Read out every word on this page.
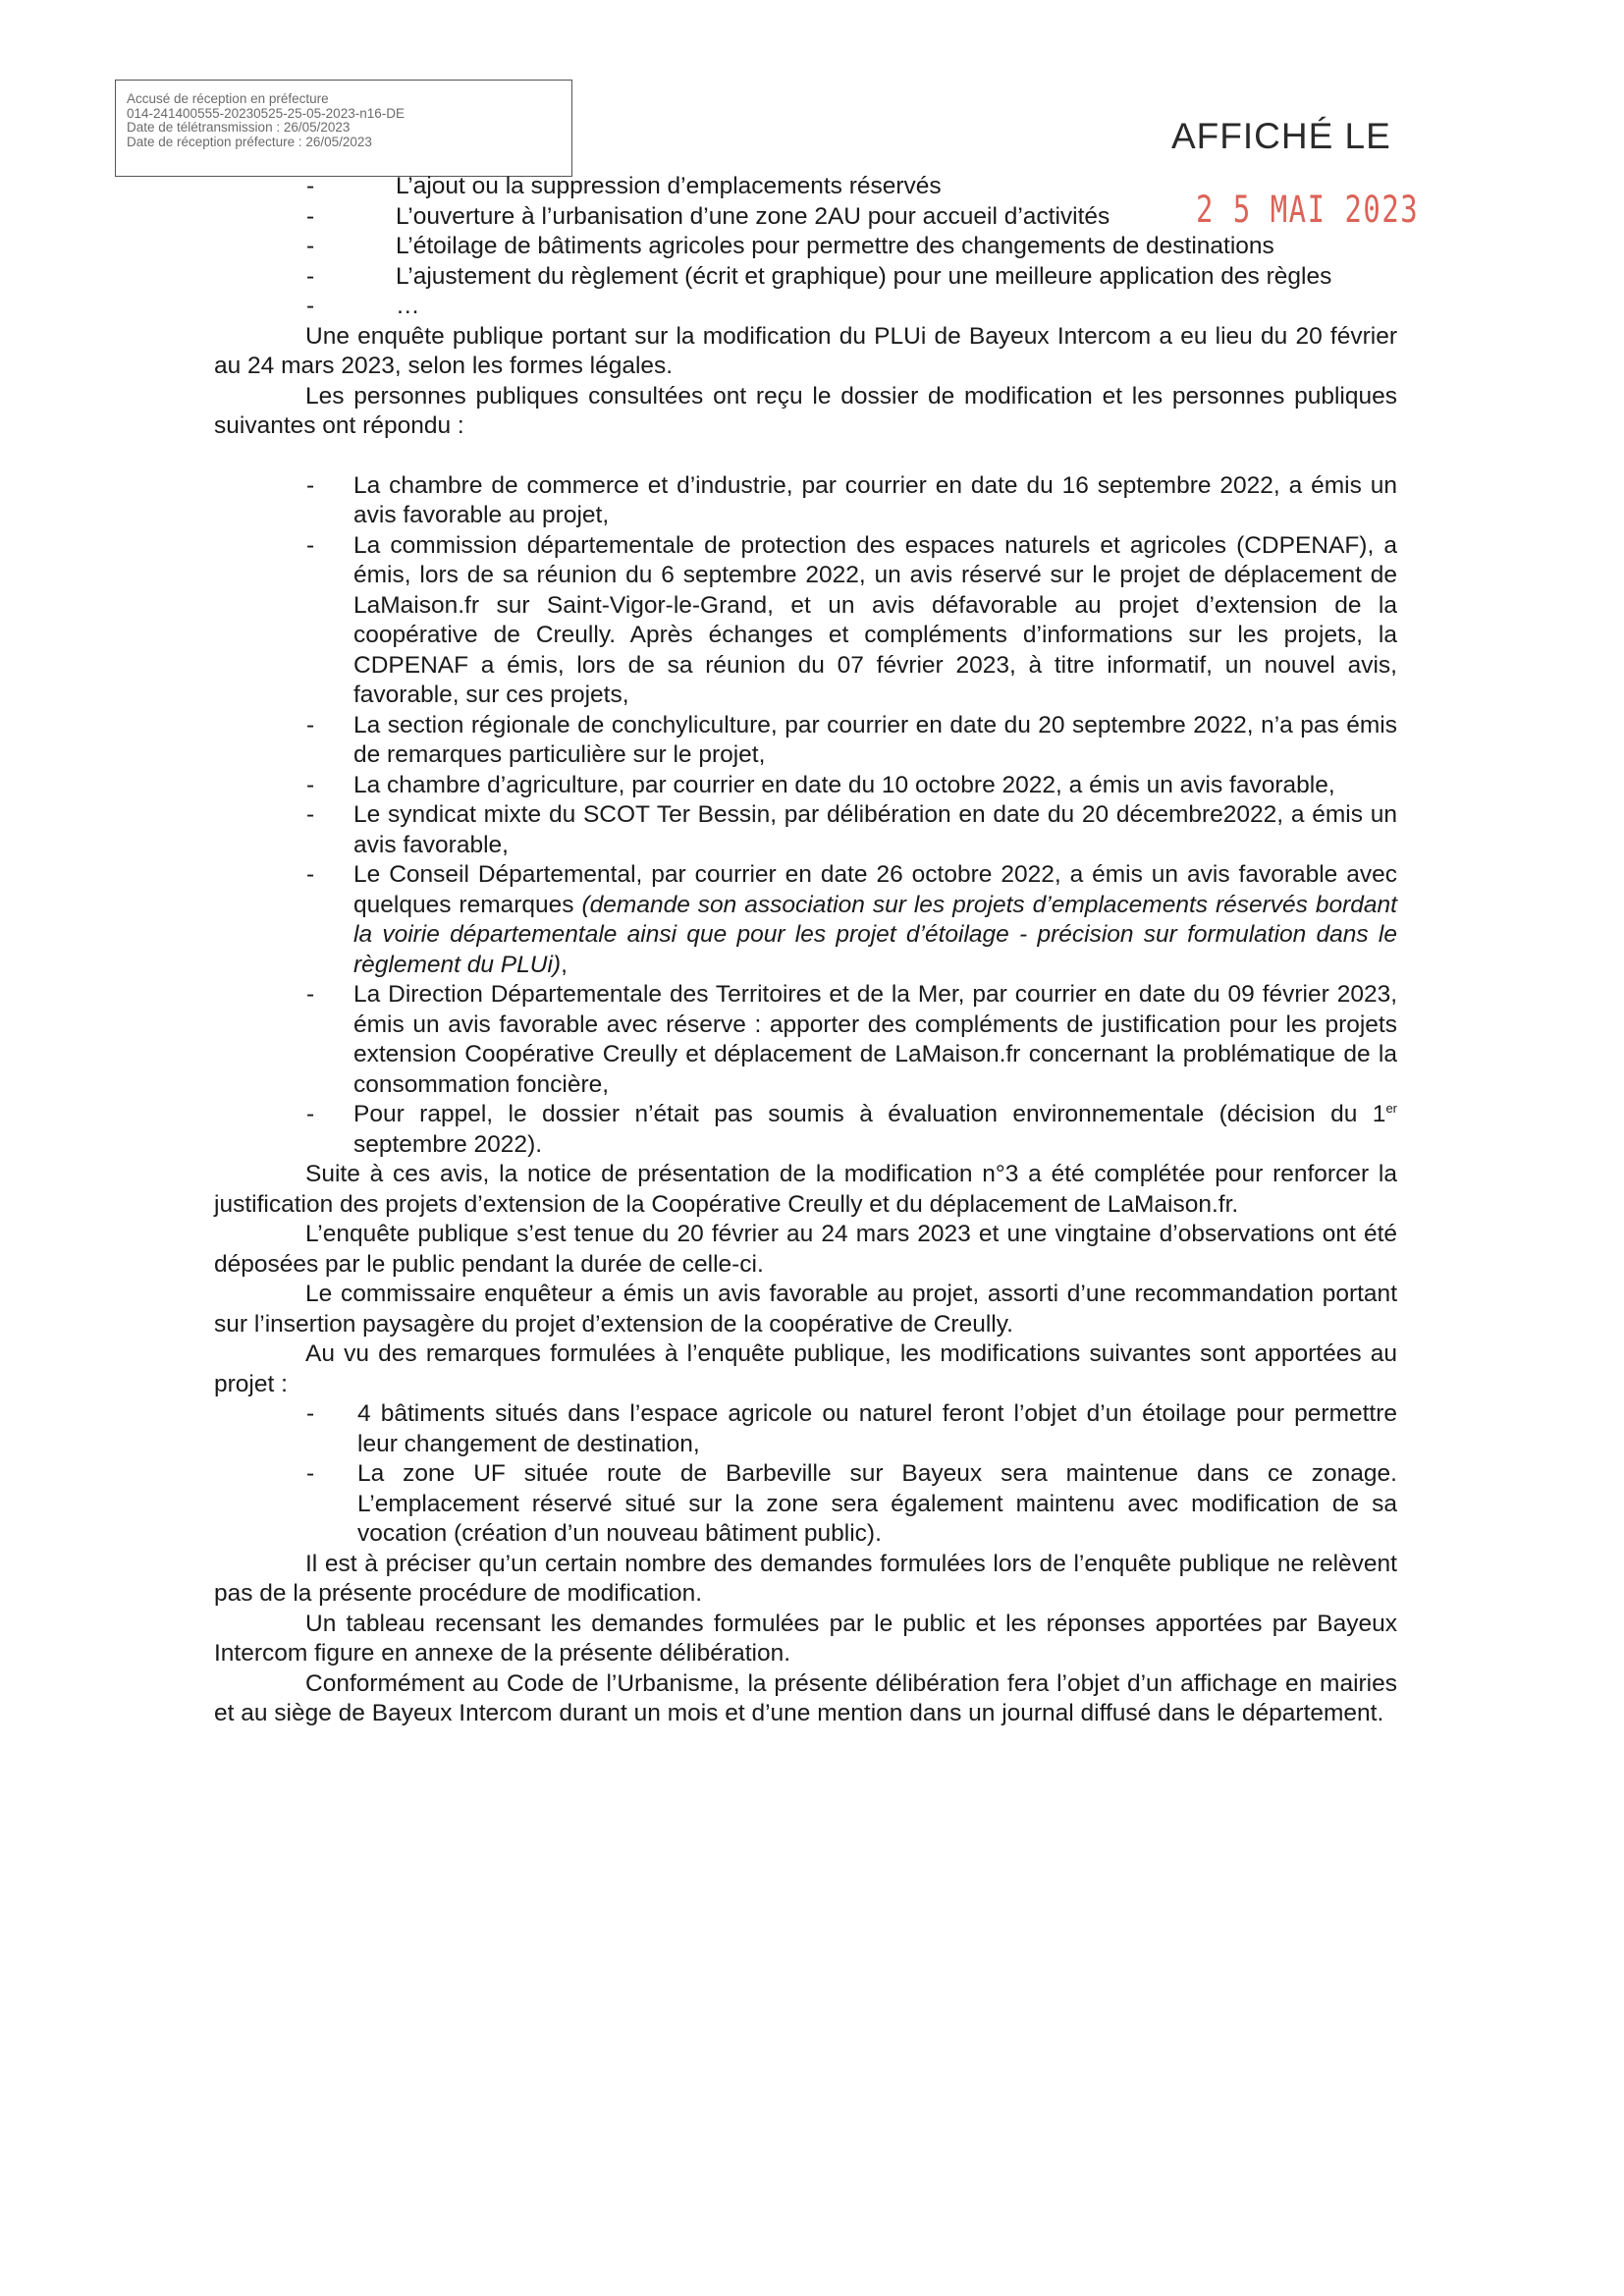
Accusé de réception en préfecture
014-241400555-20230525-25-05-2023-n16-DE
Date de télétransmission : 26/05/2023
Date de réception préfecture : 26/05/2023	AFFICHÉ LE
2 5 MAI 2023
- L’ajout ou la suppression d’emplacements réservés
- L’ouverture à l’urbanisation d’une zone 2AU pour accueil d’activités
- L’étoilage de bâtiments agricoles pour permettre des changements de destinations
- L’ajustement du règlement (écrit et graphique) pour une meilleure application des règles
- …

Une enquête publique portant sur la modification du PLUi de Bayeux Intercom a eu lieu du 20 février au 24 mars 2023, selon les formes légales.

Les personnes publiques consultées ont reçu le dossier de modification et les personnes publiques suivantes ont répondu :

- La chambre de commerce et d’industrie, par courrier en date du 16 septembre 2022, a émis un avis favorable au projet,
- La commission départementale de protection des espaces naturels et agricoles (CDPENAF), a émis, lors de sa réunion du 6 septembre 2022, un avis réservé sur le projet de déplacement de LaMaison.fr sur Saint-Vigor-le-Grand, et un avis défavorable au projet d’extension de la coopérative de Creully. Après échanges et compléments d’informations sur les projets, la CDPENAF a émis, lors de sa réunion du 07 février 2023, à titre informatif, un nouvel avis, favorable, sur ces projets,
- La section régionale de conchyliculture, par courrier en date du 20 septembre 2022, n’a pas émis de remarques particulière sur le projet,
- La chambre d’agriculture, par courrier en date du 10 octobre 2022, a émis un avis favorable,
- Le syndicat mixte du SCOT Ter Bessin, par délibération en date du 20 décembre2022, a émis un avis favorable,
- Le Conseil Départemental, par courrier en date 26 octobre 2022, a émis un avis favorable avec quelques remarques (demande son association sur les projets d’emplacements réservés bordant la voirie départementale ainsi que pour les projet d’étoilage - précision sur formulation dans le règlement du PLUi),
- La Direction Départementale des Territoires et de la Mer, par courrier en date du 09 février 2023, émis un avis favorable avec réserve : apporter des compléments de justification pour les projets extension Coopérative Creully et déplacement de LaMaison.fr concernant la problématique de la consommation foncière,
- Pour rappel, le dossier n’était pas soumis à évaluation environnementale (décision du 1er septembre 2022).

Suite à ces avis, la notice de présentation de la modification n°3 a été complétée pour renforcer la justification des projets d’extension de la Coopérative Creully et du déplacement de LaMaison.fr.

L’enquête publique s’est tenue du 20 février au 24 mars 2023 et une vingtaine d’observations ont été déposées par le public pendant la durée de celle-ci.

Le commissaire enquêteur a émis un avis favorable au projet, assorti d’une recommandation portant sur l’insertion paysagère du projet d’extension de la coopérative de Creully.

Au vu des remarques formulées à l’enquête publique, les modifications suivantes sont apportées au projet :

- 4 bâtiments situés dans l’espace agricole ou naturel feront l’objet d’un étoilage pour permettre leur changement de destination,
- La zone UF située route de Barbeville sur Bayeux sera maintenue dans ce zonage. L’emplacement réservé situé sur la zone sera également maintenu avec modification de sa vocation (création d’un nouveau bâtiment public).

Il est à préciser qu’un certain nombre des demandes formulées lors de l’enquête publique ne relèvent pas de la présente procédure de modification.

Un tableau recensant les demandes formulées par le public et les réponses apportées par Bayeux Intercom figure en annexe de la présente délibération.

Conformément au Code de l’Urbanisme, la présente délibération fera l’objet d’un affichage en mairies et au siège de Bayeux Intercom durant un mois et d’une mention dans un journal diffusé dans le département.
